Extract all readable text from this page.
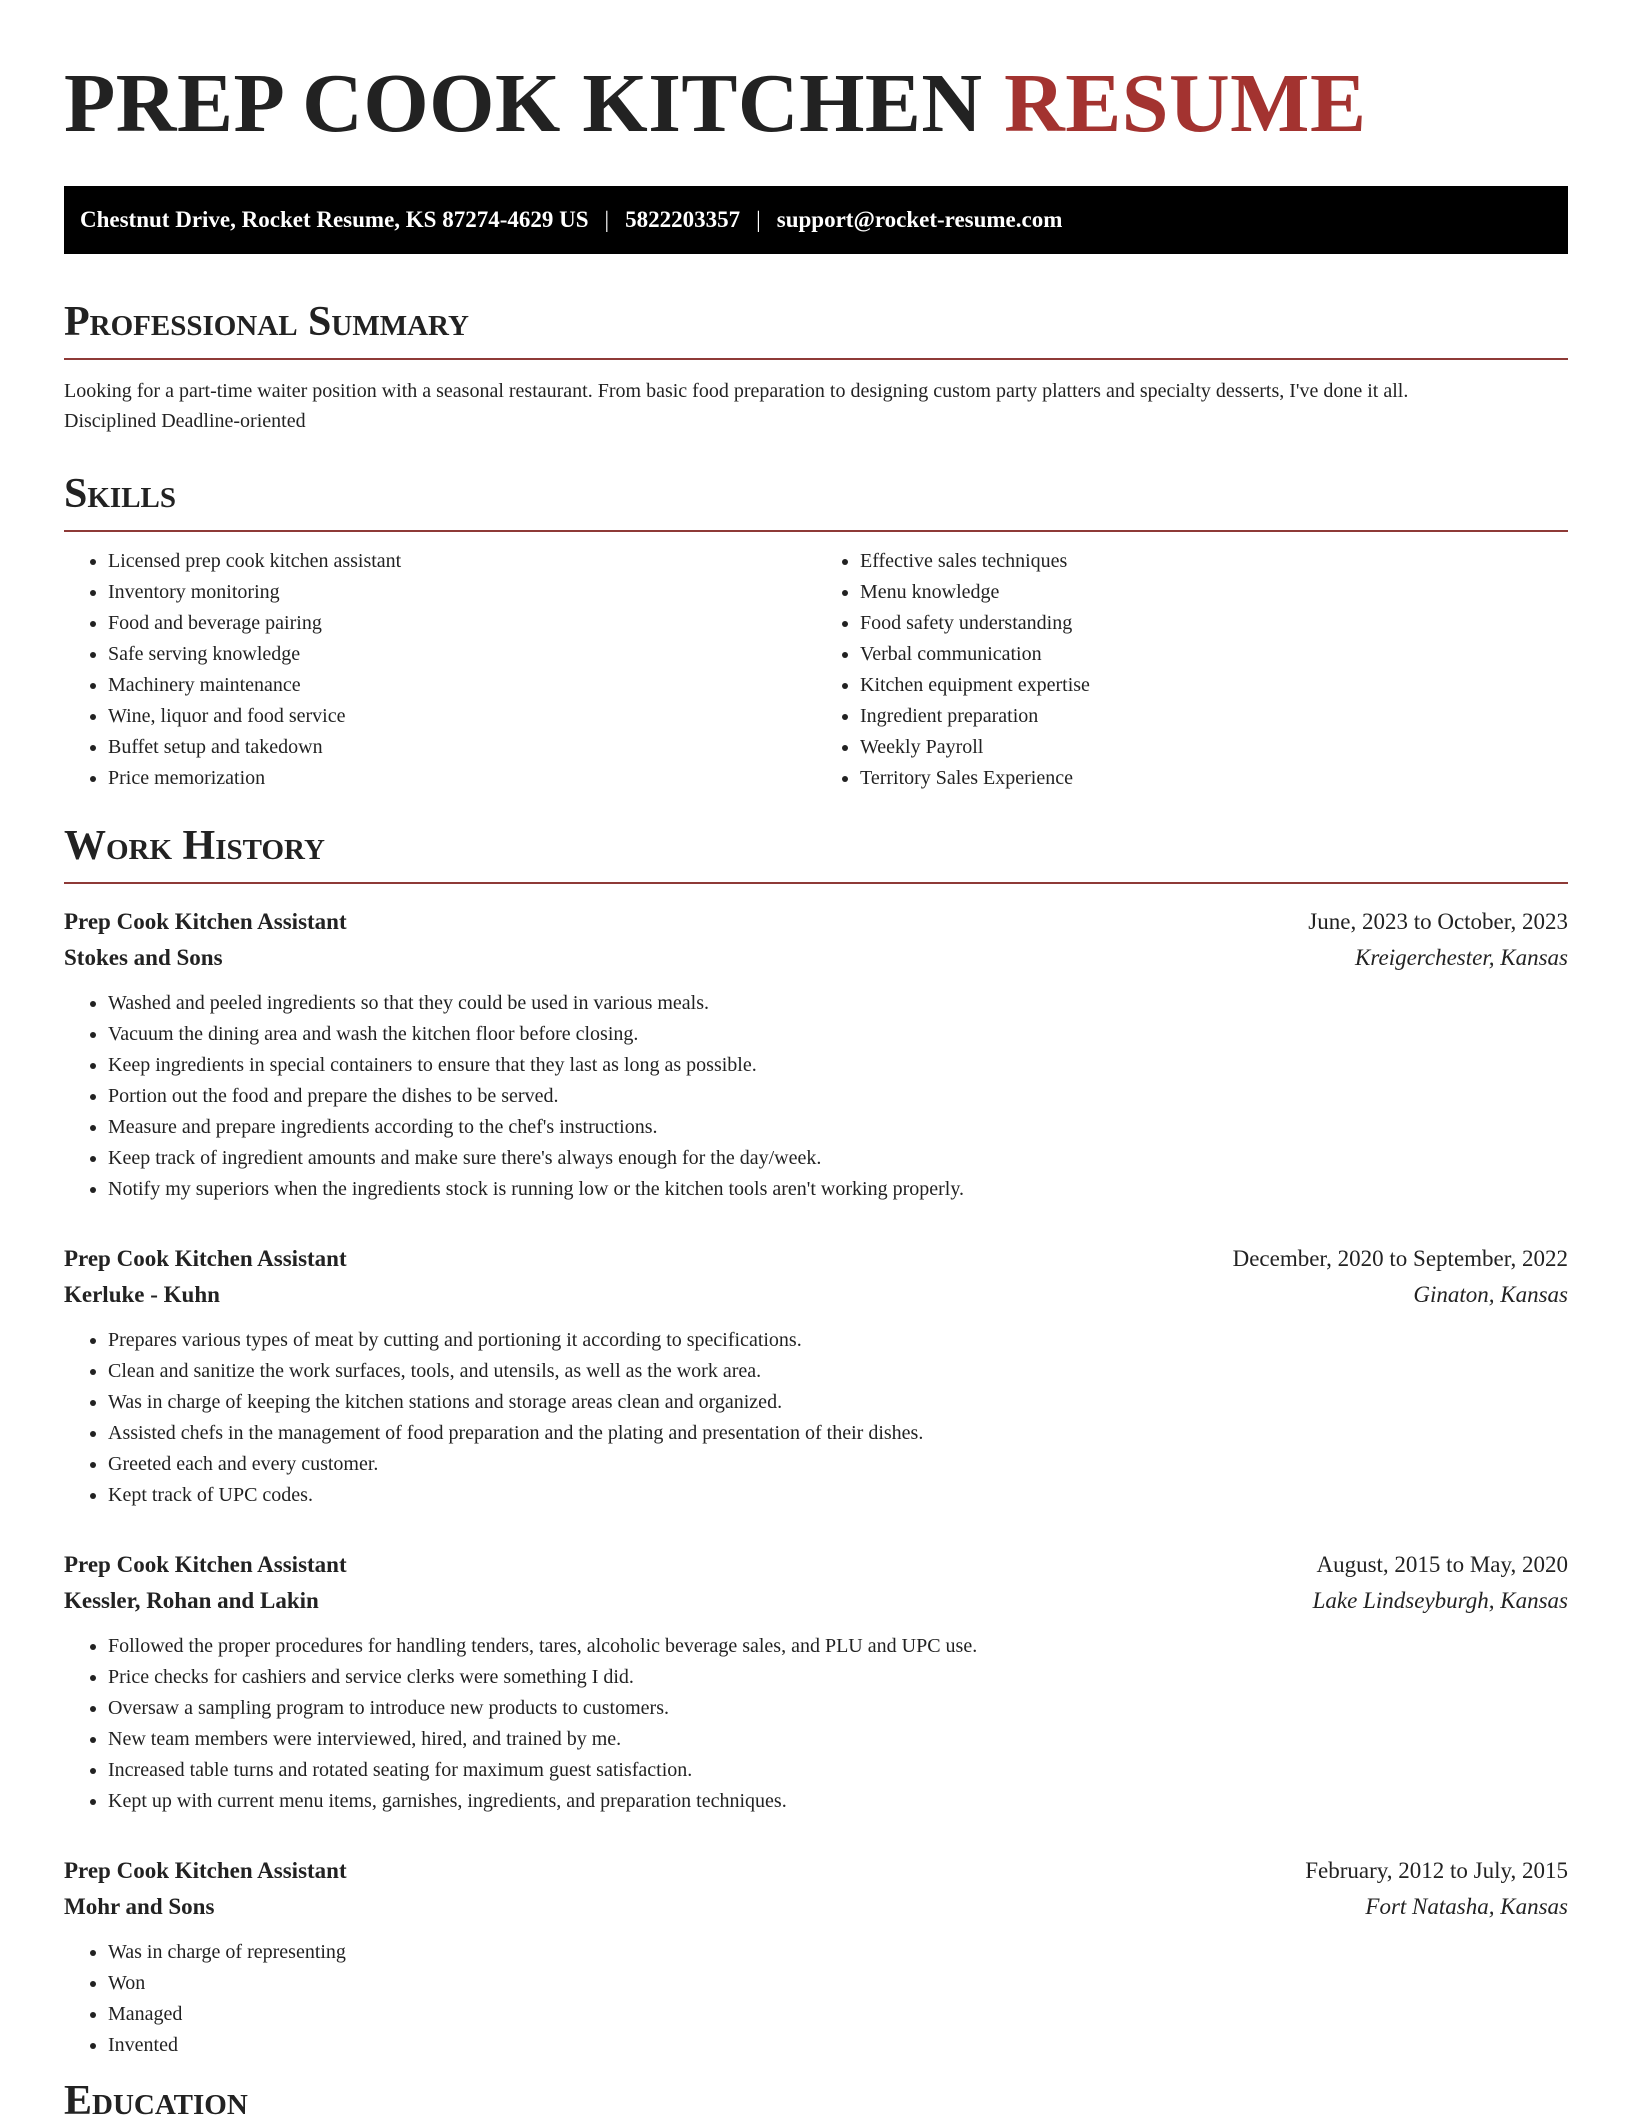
PREP COOK KITCHEN RESUME
Chestnut Drive, Rocket Resume, KS 87274-4629 US | 5822203357 | support@rocket-resume.com
Professional Summary

Looking for a part-time waiter position with a seasonal restaurant. From basic food preparation to designing custom party platters and specialty desserts, I've done it all.

Disciplined Deadline-oriented

Skills
• Licensed prep cook kitchen assistant
• Inventory monitoring
• Food and beverage pairing
• Safe serving knowledge
• Machinery maintenance
• Wine, liquor and food service
• Buffet setup and takedown
• Price memorization
• Effective sales techniques
• Menu knowledge
• Food safety understanding
• Verbal communication
• Kitchen equipment expertise
• Ingredient preparation
• Weekly Payroll
• Territory Sales Experience
Work History
Prep Cook Kitchen Assistant	June, 2023 to October, 2023
Stokes and Sons	Kreigerchester, Kansas
• Washed and peeled ingredients so that they could be used in various meals.
• Vacuum the dining area and wash the kitchen floor before closing.
• Keep ingredients in special containers to ensure that they last as long as possible.
• Portion out the food and prepare the dishes to be served.
• Measure and prepare ingredients according to the chef's instructions.
• Keep track of ingredient amounts and make sure there's always enough for the day/week.
• Notify my superiors when the ingredients stock is running low or the kitchen tools aren't working properly.
Prep Cook Kitchen Assistant	December, 2020 to September, 2022
Kerluke - Kuhn	Ginaton, Kansas
• Prepares various types of meat by cutting and portioning it according to specifications.
• Clean and sanitize the work surfaces, tools, and utensils, as well as the work area.
• Was in charge of keeping the kitchen stations and storage areas clean and organized.
• Assisted chefs in the management of food preparation and the plating and presentation of their dishes.
• Greeted each and every customer.
• Kept track of UPC codes.
Prep Cook Kitchen Assistant	August, 2015 to May, 2020
Kessler, Rohan and Lakin	Lake Lindseyburgh, Kansas
• Followed the proper procedures for handling tenders, tares, alcoholic beverage sales, and PLU and UPC use.
• Price checks for cashiers and service clerks were something I did.
• Oversaw a sampling program to introduce new products to customers.
• New team members were interviewed, hired, and trained by me.
• Increased table turns and rotated seating for maximum guest satisfaction.
• Kept up with current menu items, garnishes, ingredients, and preparation techniques.
Prep Cook Kitchen Assistant	February, 2012 to July, 2015
Mohr and Sons	Fort Natasha, Kansas
• Was in charge of representing
• Won
• Managed
• Invented
Education
